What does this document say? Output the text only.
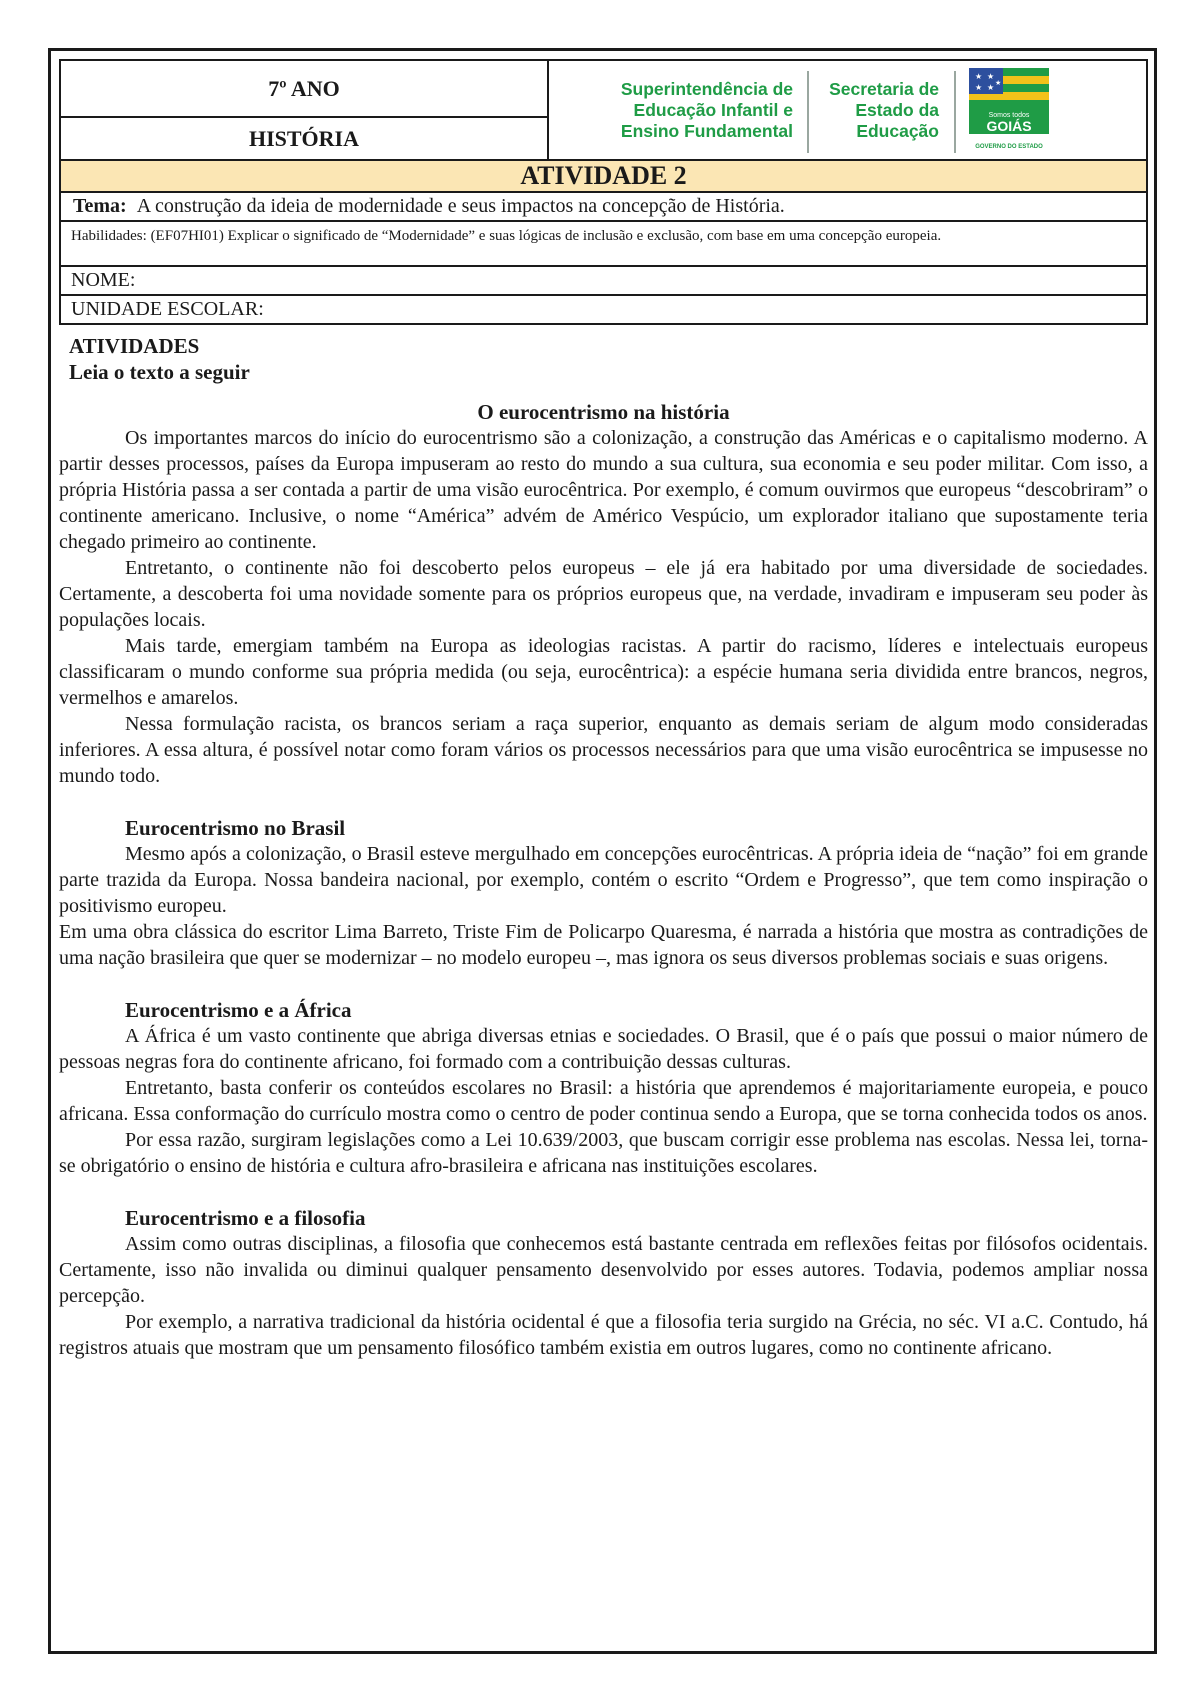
7º ANO
HISTÓRIA
Superintendência de
Educação Infantil e
Ensino Fundamental
Secretaria de
Estado da
Educação
★ ★
★ ★ ★
Somos todos
GOIÁS
GOVERNO DO ESTADO
ATIVIDADE 2
Tema: A construção da ideia de modernidade e seus impactos na concepção de História.
Habilidades: (EF07HI01) Explicar o significado de “Modernidade” e suas lógicas de inclusão e exclusão, com base em uma concepção europeia.
NOME:
UNIDADE ESCOLAR:
ATIVIDADES
Leia o texto a seguir
O eurocentrismo na história

Os importantes marcos do início do eurocentrismo são a colonização, a construção das Américas e o capitalismo moderno. A partir desses processos, países da Europa impuseram ao resto do mundo a sua cultura, sua economia e seu poder militar. Com isso, a própria História passa a ser contada a partir de uma visão eurocêntrica. Por exemplo, é comum ouvirmos que europeus “descobriram” o continente americano. Inclusive, o nome “América” advém de Américo Vespúcio, um explorador italiano que supostamente teria chegado primeiro ao continente.

Entretanto, o continente não foi descoberto pelos europeus – ele já era habitado por uma diversidade de sociedades. Certamente, a descoberta foi uma novidade somente para os próprios europeus que, na verdade, invadiram e impuseram seu poder às populações locais.

Mais tarde, emergiam também na Europa as ideologias racistas. A partir do racismo, líderes e intelectuais europeus classificaram o mundo conforme sua própria medida (ou seja, eurocêntrica): a espécie humana seria dividida entre brancos, negros, vermelhos e amarelos.

Nessa formulação racista, os brancos seriam a raça superior, enquanto as demais seriam de algum modo consideradas inferiores. A essa altura, é possível notar como foram vários os processos necessários para que uma visão eurocêntrica se impusesse no mundo todo.

Eurocentrismo no Brasil

Mesmo após a colonização, o Brasil esteve mergulhado em concepções eurocêntricas. A própria ideia de “nação” foi em grande parte trazida da Europa. Nossa bandeira nacional, por exemplo, contém o escrito “Ordem e Progresso”, que tem como inspiração o positivismo europeu.

Em uma obra clássica do escritor Lima Barreto, Triste Fim de Policarpo Quaresma, é narrada a história que mostra as contradições de uma nação brasileira que quer se modernizar – no modelo europeu –, mas ignora os seus diversos problemas sociais e suas origens.

Eurocentrismo e a África

A África é um vasto continente que abriga diversas etnias e sociedades. O Brasil, que é o país que possui o maior número de pessoas negras fora do continente africano, foi formado com a contribuição dessas culturas.

Entretanto, basta conferir os conteúdos escolares no Brasil: a história que aprendemos é majoritariamente europeia, e pouco africana. Essa conformação do currículo mostra como o centro de poder continua sendo a Europa, que se torna conhecida todos os anos.

Por essa razão, surgiram legislações como a Lei 10.639/2003, que buscam corrigir esse problema nas escolas. Nessa lei, torna-se obrigatório o ensino de história e cultura afro-brasileira e africana nas instituições escolares.

Eurocentrismo e a filosofia

Assim como outras disciplinas, a filosofia que conhecemos está bastante centrada em reflexões feitas por filósofos ocidentais. Certamente, isso não invalida ou diminui qualquer pensamento desenvolvido por esses autores. Todavia, podemos ampliar nossa percepção.

Por exemplo, a narrativa tradicional da história ocidental é que a filosofia teria surgido na Grécia, no séc. VI a.C. Contudo, há registros atuais que mostram que um pensamento filosófico também existia em outros lugares, como no continente africano.
